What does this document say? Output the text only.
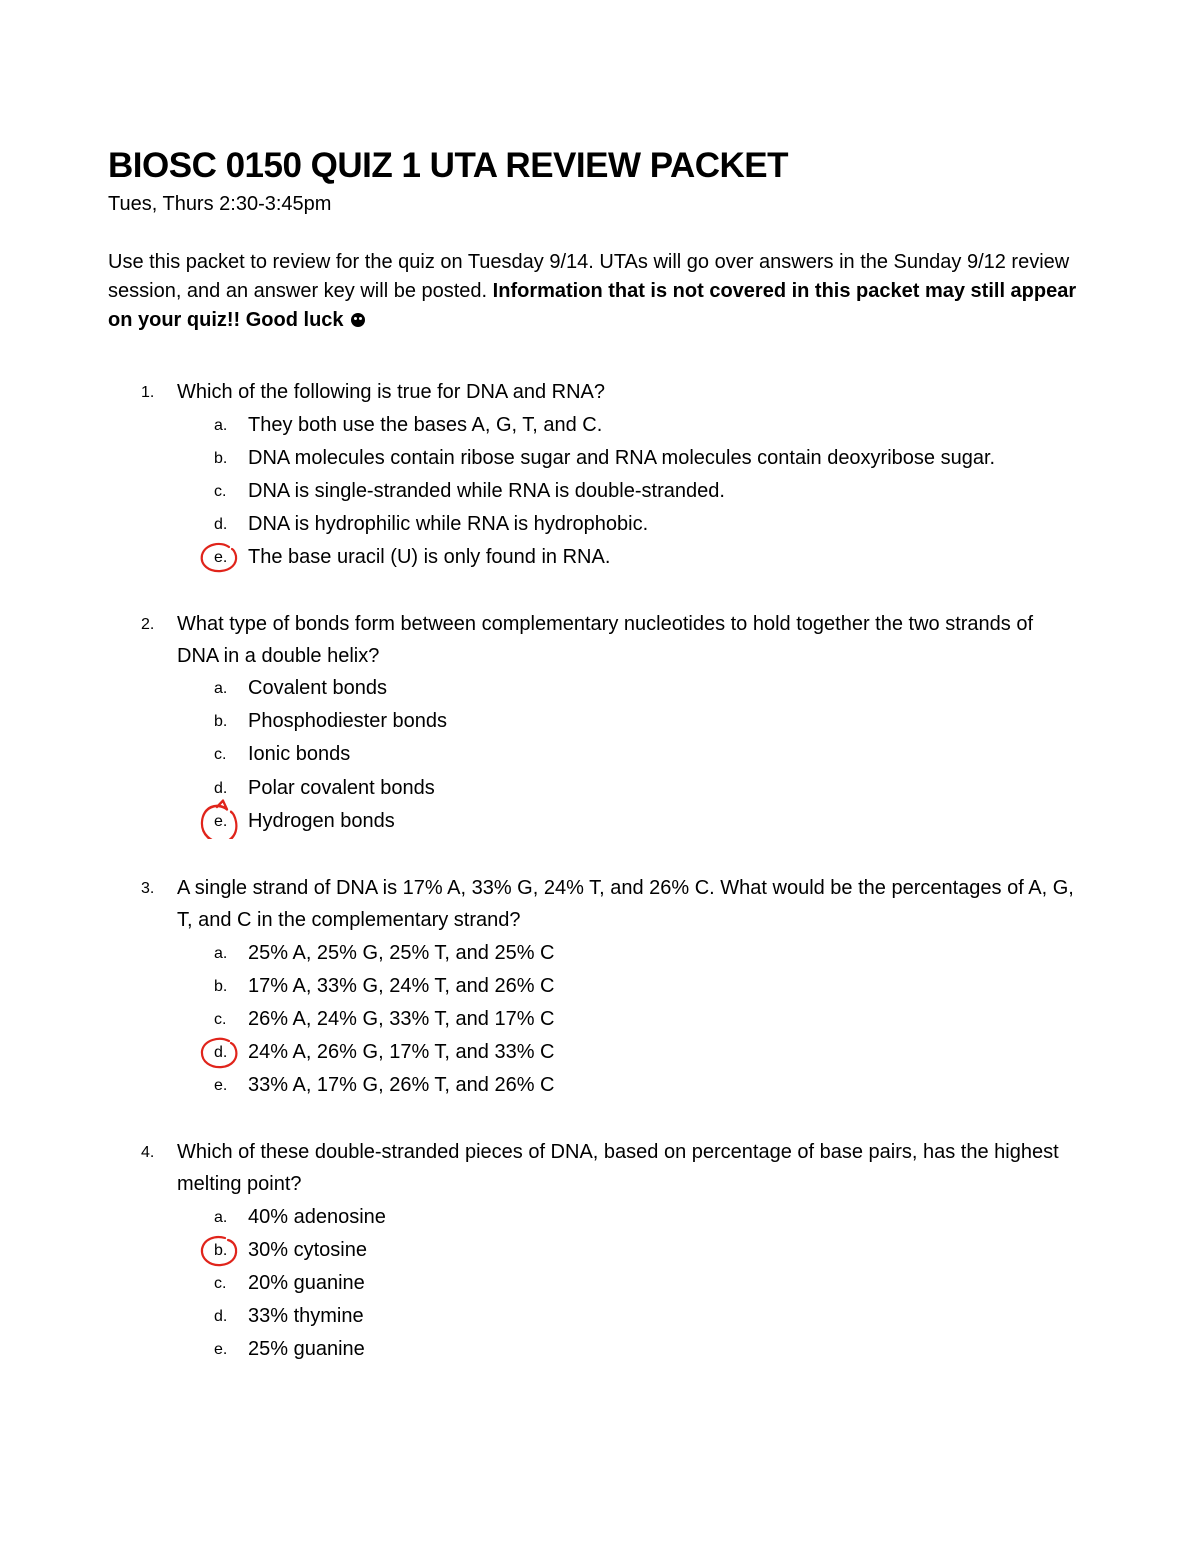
BIOSC 0150 QUIZ 1 UTA REVIEW PACKET
Tues, Thurs 2:30-3:45pm
Use this packet to review for the quiz on Tuesday 9/14. UTAs will go over answers in the Sunday 9/12 review session, and an answer key will be posted. Information that is not covered in this packet may still appear on your quiz!! Good luck
1. Which of the following is true for DNA and RNA?
a. They both use the bases A, G, T, and C.
b. DNA molecules contain ribose sugar and RNA molecules contain deoxyribose sugar.
c. DNA is single-stranded while RNA is double-stranded.
d. DNA is hydrophilic while RNA is hydrophobic.
e. The base uracil (U) is only found in RNA.
2. What type of bonds form between complementary nucleotides to hold together the two strands of DNA in a double helix?
a. Covalent bonds
b. Phosphodiester bonds
c. Ionic bonds
d. Polar covalent bonds
e. Hydrogen bonds
3. A single strand of DNA is 17% A, 33% G, 24% T, and 26% C. What would be the percentages of A, G, T, and C in the complementary strand?
a. 25% A, 25% G, 25% T, and 25% C
b. 17% A, 33% G, 24% T, and 26% C
c. 26% A, 24% G, 33% T, and 17% C
d. 24% A, 26% G, 17% T, and 33% C
e. 33% A, 17% G, 26% T, and 26% C
4. Which of these double-stranded pieces of DNA, based on percentage of base pairs, has the highest melting point?
a. 40% adenosine
b. 30% cytosine
c. 20% guanine
d. 33% thymine
e. 25% guanine
